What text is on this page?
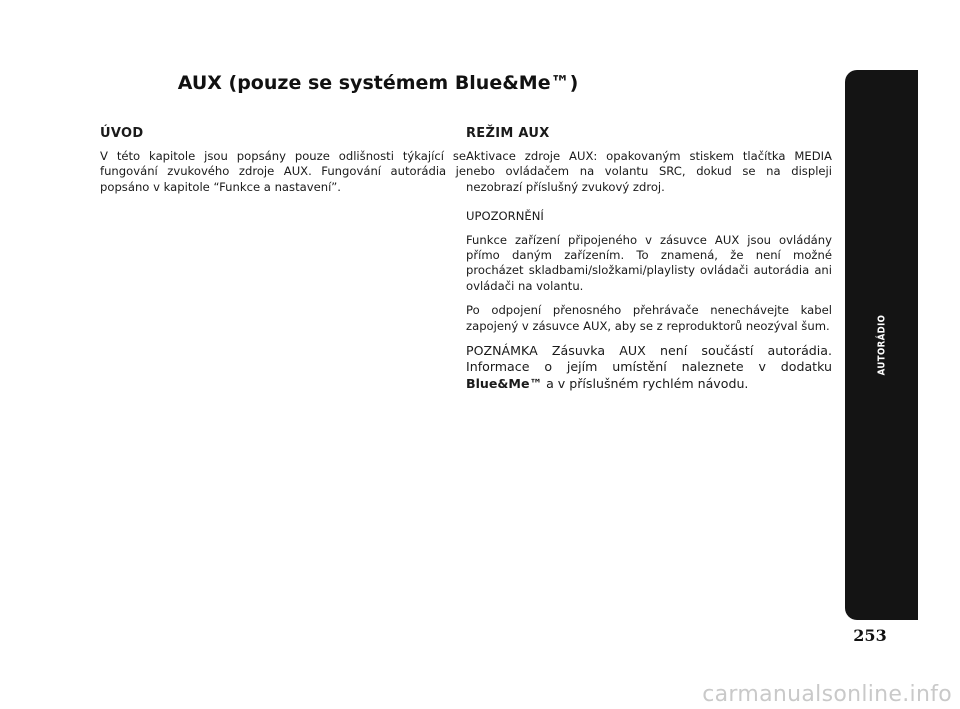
AUX (pouze se systémem Blue&Me™)
ÚVOD

V této kapitole jsou popsány pouze odlišnosti týkající se fungování zvukového zdroje AUX. Fungování autorádia je popsáno v kapitole “Funkce a nastavení”.

REŽIM AUX

Aktivace zdroje AUX: opakovaným stiskem tlačítka MEDIA nebo ovládačem na volantu SRC, dokud se na displeji nezobrazí příslušný zvukový zdroj.

UPOZORNĚNÍ

Funkce zařízení připojeného v zásuvce AUX jsou ovládány přímo daným zařízením. To znamená, že není možné procházet skladbami/složkami/playlisty ovládači autorádia ani ovládači na volantu.

Po odpojení přenosného přehrávače nenechávejte kabel zapojený v zásuvce AUX, aby se z reproduktorů neozýval šum.

POZNÁMKA Zásuvka AUX není součástí autorádia. Informace o jejím umístění naleznete v dodatku Blue&Me™ a v příslušném rychlém návodu.

AUTORÁDIO
253
carmanualsonline.info
